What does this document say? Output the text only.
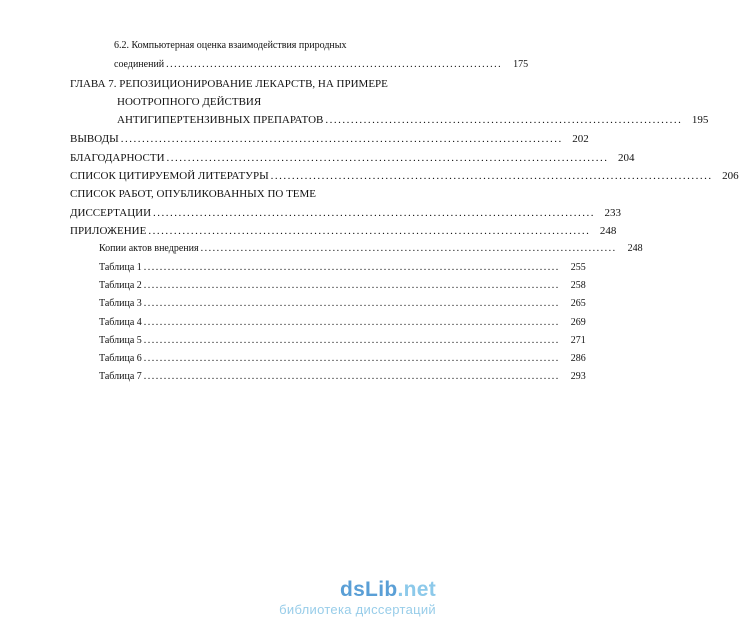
6.2. Компьютерная оценка взаимодействия природных
соединений ....................................................................................	175
ГЛАВА 7. РЕПОЗИЦИОНИРОВАНИЕ ЛЕКАРСТВ, НА ПРИМЕРЕ
НООТРОПНОГО ДЕЙСТВИЯ
АНТИГИПЕРТЕНЗИВНЫХ ПРЕПАРАТОВ .................................................................................... 195
ВЫВОДЫ ........................................................................................................ 202
БЛАГОДАРНОСТИ ........................................................................................................ 204
СПИСОК ЦИТИРУЕМОЙ ЛИТЕРАТУРЫ ........................................................................................................ 206
СПИСОК РАБОТ, ОПУБЛИКОВАННЫХ ПО ТЕМЕ
ДИССЕРТАЦИИ ........................................................................................................ 233
ПРИЛОЖЕНИЕ ........................................................................................................ 248
Копии актов внедрения ........................................................................................................	248
Таблица 1 ........................................................................................................	255
Таблица 2 ........................................................................................................	258
Таблица 3 ........................................................................................................	265
Таблица 4 ........................................................................................................	269
Таблица 5 ........................................................................................................	271
Таблица 6 ........................................................................................................	286
Таблица 7 ........................................................................................................	293
dsLib.net
библиотека диссертаций
